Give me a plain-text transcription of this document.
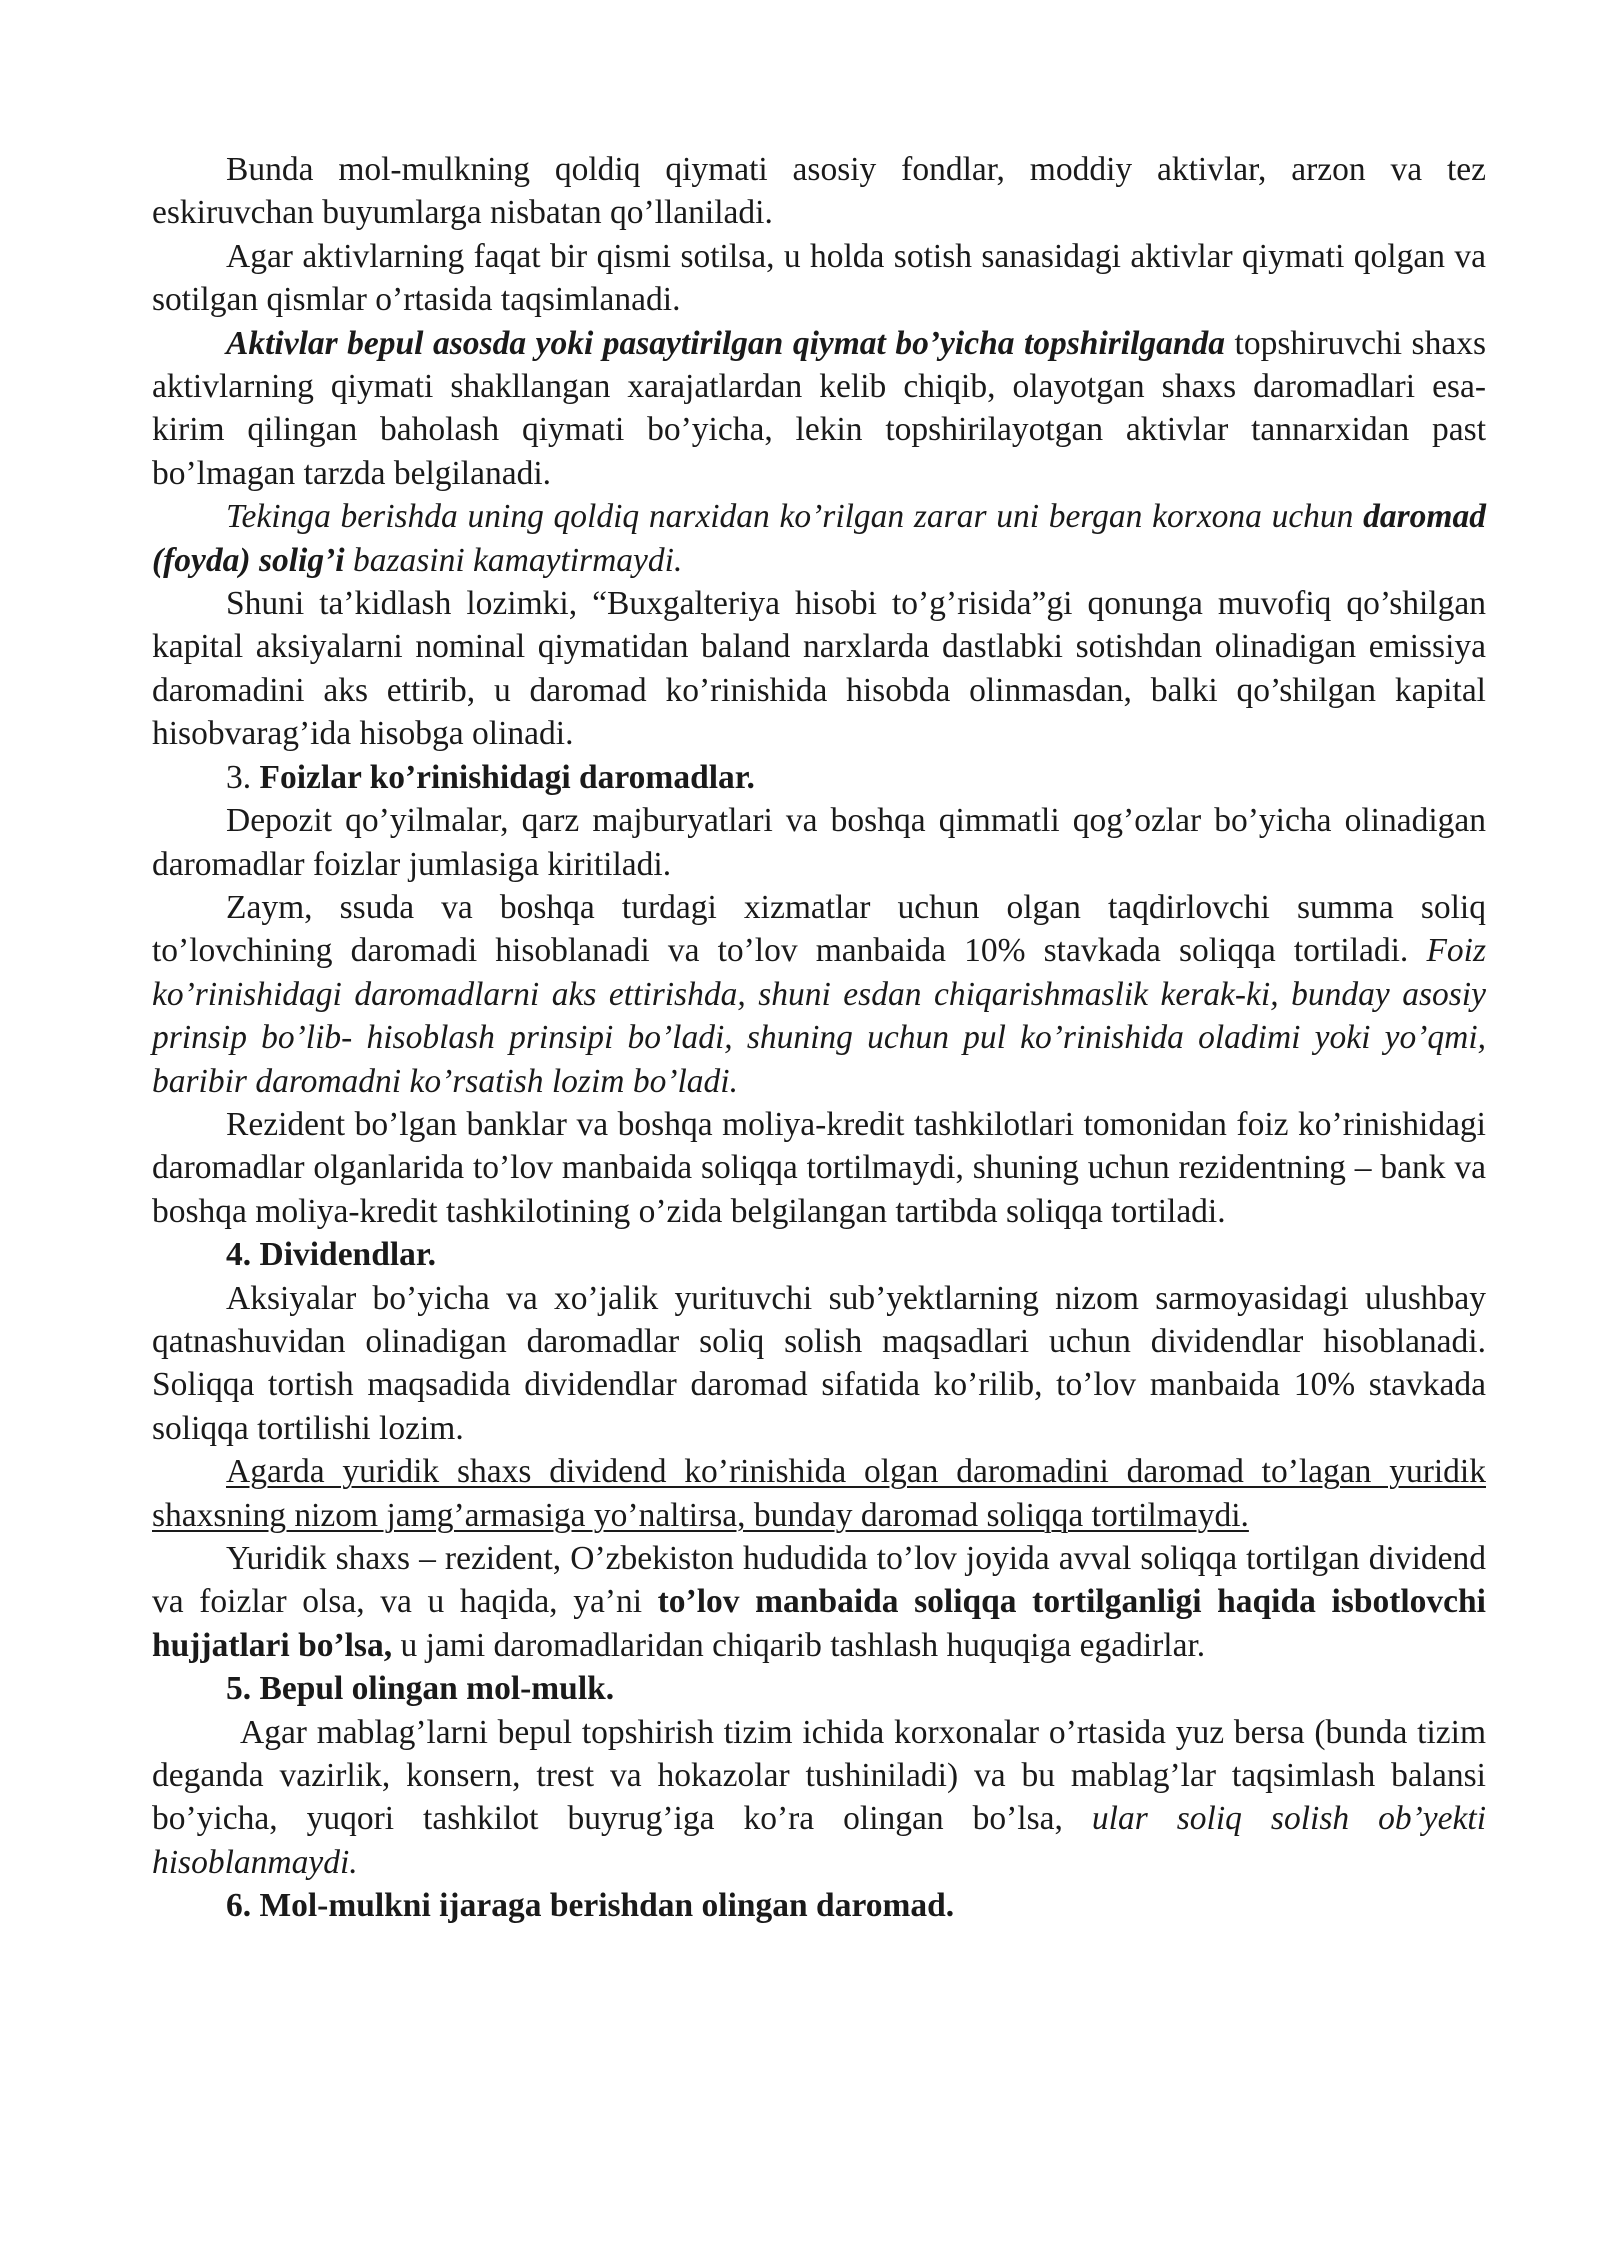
Bunda mol-mulkning qoldiq qiymati asosiy fondlar, moddiy aktivlar, arzon va tez eskiruvchan buyumlarga nisbatan qo’llaniladi.

Agar aktivlarning faqat bir qismi sotilsa, u holda sotish sanasidagi aktivlar qiymati qolgan va sotilgan qismlar o’rtasida taqsimlanadi.

Aktivlar bepul asosda yoki pasaytirilgan qiymat bo’yicha topshirilganda topshiruvchi shaxs aktivlarning qiymati shakllangan xarajatlardan kelib chiqib, olayotgan shaxs daromadlari esa- kirim qilingan baholash qiymati bo’yicha, lekin topshirilayotgan aktivlar tannarxidan past bo’lmagan tarzda belgilanadi.

Tekinga berishda uning qoldiq narxidan ko’rilgan zarar uni bergan korxona uchun daromad (foyda) solig’i bazasini kamaytirmaydi.

Shuni ta’kidlash lozimki, “Buxgalteriya hisobi to’g’risida”gi qonunga muvofiq qo’shilgan kapital aksiyalarni nominal qiymatidan baland narxlarda dastlabki sotishdan olinadigan emissiya daromadini aks ettirib, u daromad ko’rinishida hisobda olinmasdan, balki qo’shilgan kapital hisobvarag’ida hisobga olinadi.

3. Foizlar ko’rinishidagi daromadlar.

Depozit qo’yilmalar, qarz majburyatlari va boshqa qimmatli qog’ozlar bo’yicha olinadigan daromadlar foizlar jumlasiga kiritiladi.

Zaym, ssuda va boshqa turdagi xizmatlar uchun olgan taqdirlovchi summa soliq to’lovchining daromadi hisoblanadi va to’lov manbaida 10% stavkada soliqqa tortiladi. Foiz ko’rinishidagi daromadlarni aks ettirishda, shuni esdan chiqarishmaslik kerak-ki, bunday asosiy prinsip bo’lib- hisoblash prinsipi bo’ladi, shuning uchun pul ko’rinishida oladimi yoki yo’qmi, baribir daromadni ko’rsatish lozim bo’ladi.

Rezident bo’lgan banklar va boshqa moliya-kredit tashkilotlari tomonidan foiz ko’rinishidagi daromadlar olganlarida to’lov manbaida soliqqa tortilmaydi, shuning uchun rezidentning – bank va boshqa moliya-kredit tashkilotining o’zida belgilangan tartibda soliqqa tortiladi.

4. Dividendlar.

Aksiyalar bo’yicha va xo’jalik yurituvchi sub’yektlarning nizom sarmoyasidagi ulushbay qatnashuvidan olinadigan daromadlar soliq solish maqsadlari uchun dividendlar hisoblanadi. Soliqqa tortish maqsadida dividendlar daromad sifatida ko’rilib, to’lov manbaida 10% stavkada soliqqa tortilishi lozim.

Agarda yuridik shaxs dividend ko’rinishida olgan daromadini daromad to’lagan yuridik shaxsning nizom jamg’armasiga yo’naltirsa, bunday daromad soliqqa tortilmaydi.

Yuridik shaxs – rezident, O’zbekiston hududida to’lov joyida avval soliqqa tortilgan dividend va foizlar olsa, va u haqida, ya’ni to’lov manbaida soliqqa tortilganligi haqida isbotlovchi hujjatlari bo’lsa, u jami daromadlaridan chiqarib tashlash huquqiga egadirlar.

5. Bepul olingan mol-mulk.

Agar mablag’larni bepul topshirish tizim ichida korxonalar o’rtasida yuz bersa (bunda tizim deganda vazirlik, konsern, trest va hokazolar tushiniladi) va bu mablag’lar taqsimlash balansi bo’yicha, yuqori tashkilot buyrug’iga ko’ra olingan bo’lsa, ular soliq solish ob’yekti hisoblanmaydi.

6. Mol-mulkni ijaraga berishdan olingan daromad.
